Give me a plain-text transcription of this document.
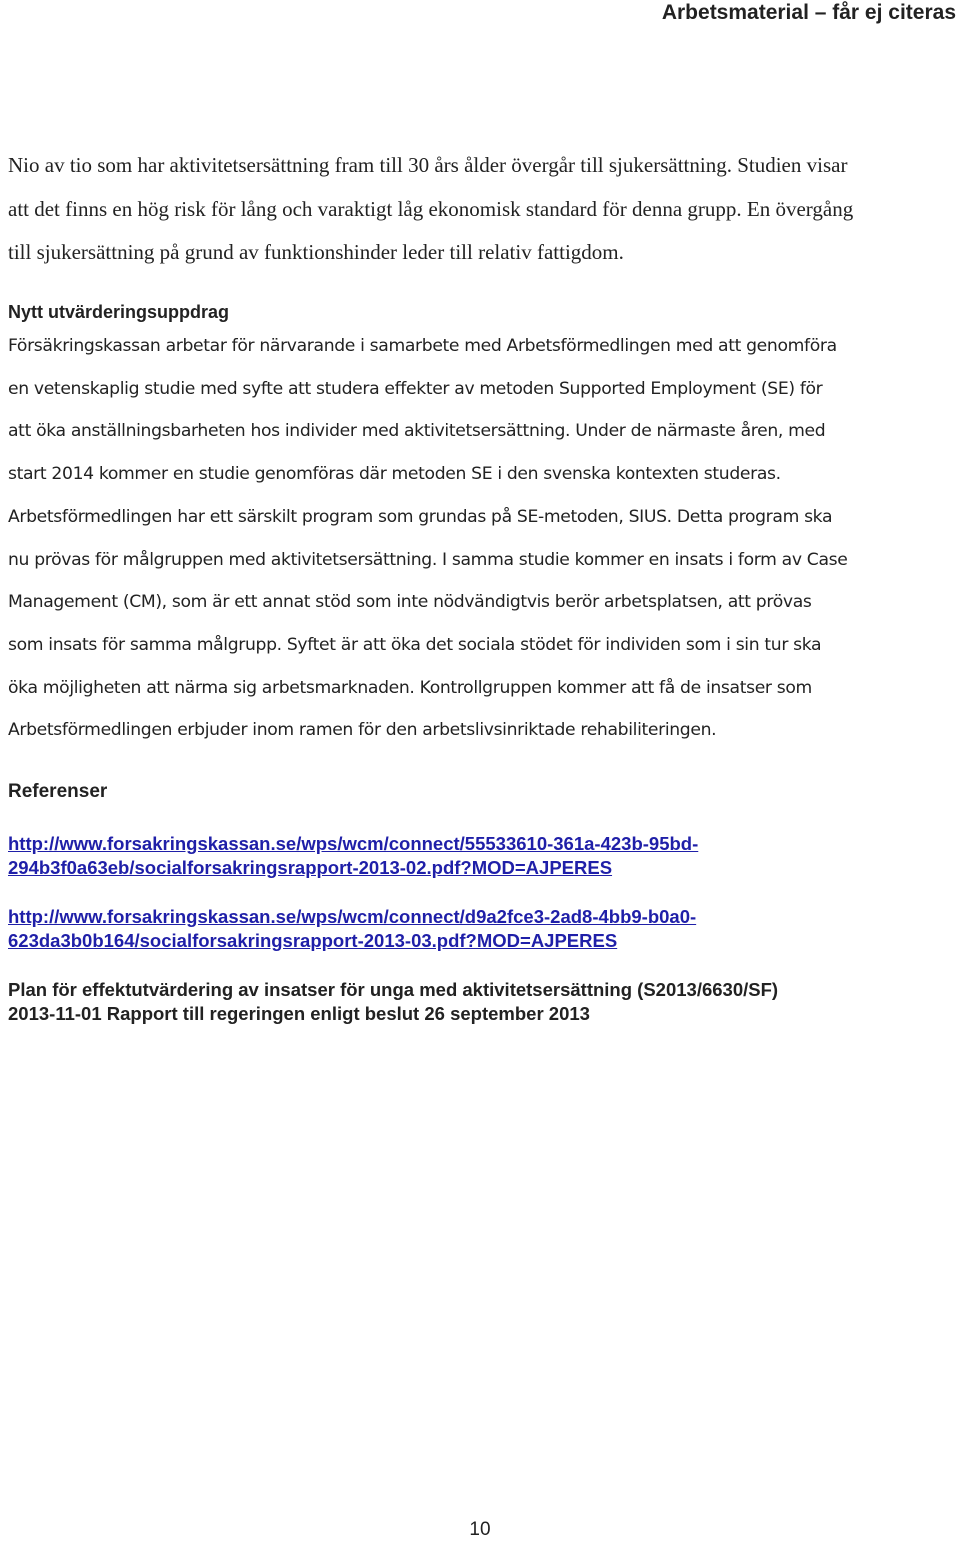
Arbetsmaterial – får ej citeras

Nio av tio som har aktivitetsersättning fram till 30 års ålder övergår till sjukersättning. Studien visar
att det finns en hög risk för lång och varaktigt låg ekonomisk standard för denna grupp. En övergång
till sjukersättning på grund av funktionshinder leder till relativ fattigdom.

Nytt utvärderingsuppdrag

Försäkringskassan arbetar för närvarande i samarbete med Arbetsförmedlingen med att genomföra
en vetenskaplig studie med syfte att studera effekter av metoden Supported Employment (SE) för
att öka anställningsbarheten hos individer med aktivitetsersättning. Under de närmaste åren, med
start 2014 kommer en studie genomföras där metoden SE i den svenska kontexten studeras.
Arbetsförmedlingen har ett särskilt program som grundas på SE-metoden, SIUS. Detta program ska
nu prövas för målgruppen med aktivitetsersättning. I samma studie kommer en insats i form av Case
Management (CM), som är ett annat stöd som inte nödvändigtvis berör arbetsplatsen, att prövas
som insats för samma målgrupp. Syftet är att öka det sociala stödet för individen som i sin tur ska
öka möjligheten att närma sig arbetsmarknaden. Kontrollgruppen kommer att få de insatser som
Arbetsförmedlingen erbjuder inom ramen för den arbetslivsinriktade rehabiliteringen.

Referenser
http://www.forsakringskassan.se/wps/wcm/connect/55533610-361a-423b-95bd-
294b3f0a63eb/socialforsakringsrapport-2013-02.pdf?MOD=AJPERES
http://www.forsakringskassan.se/wps/wcm/connect/d9a2fce3-2ad8-4bb9-b0a0-
623da3b0b164/socialforsakringsrapport-2013-03.pdf?MOD=AJPERES

Plan för effektutvärdering av insatser för unga med aktivitetsersättning (S2013/6630/SF)
2013-11-01 Rapport till regeringen enligt beslut 26 september 2013

10
